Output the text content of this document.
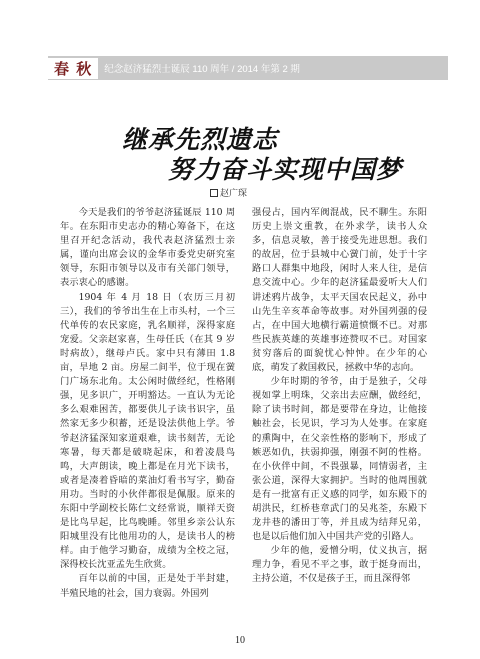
春 秋	纪念赵济猛烈士诞辰 110 周年 / 2014 年第 2 期
继承先烈遗志
努力奋斗实现中国梦
赵广琛

今天是我们的爷爷赵济猛诞辰 110 周年。在东阳市史志办的精心筹备下，在这里召开纪念活动，我代表赵济猛烈士亲属，谨向出席会议的金华市委党史研究室领导，东阳市领导以及市有关部门领导，表示衷心的感谢。

1904 年 4 月 18 日（农历三月初三），我们的爷爷出生在上市头村，一个三代单传的农民家庭，乳名顺祥，深得家庭宠爱。父亲赵家喜，生母任氏（在其 9 岁时病故），继母卢氏。家中只有薄田 1.8 亩，旱地 2 亩。房屋二间半，位于现在黉门广场东北角。太公闲时做经纪，性格刚强，见多识广，开明豁达。一直认为无论多么艰难困苦，都要供儿子读书识字，虽然家无多少积蓄，还是设法供他上学。爷爷赵济猛深知家道艰难，读书刻苦，无论寒暑，每天都是破晓起床，和着凌晨鸟鸣，大声朗读，晚上都是在月光下读书，或者是凑着昏暗的菜油灯看书写字，勤奋用功。当时的小伙伴都很是佩服。原来的东阳中学副校长陈仁文经常说，顺祥天资是比鸟早起，比鸟晚睡。邻里乡亲公认东阳城里没有比他用功的人，是读书人的榜样。由于他学习勤奋，成绩为全校之冠，深得校长沈亚孟先生欣赏。

百年以前的中国，正是处于半封建，半殖民地的社会，国力衰弱。外国列

强侵占，国内军阀混战，民不聊生。东阳历史上崇文重教，在外求学，读书人众多，信息灵敏，善于接受先进思想。我们的故居，位于县城中心黉门前，处于十字路口人群集中地段，闲时人来人往，是信息交流中心。少年的赵济猛最爱听大人们讲述鸦片战争，太平天国农民起义，孙中山先生辛亥革命等故事。对外国列强的侵占，在中国大地横行霸道愤慨不已。对那些民族英雄的英雄事迹赞叹不已。对国家贫穷落后的面貌忧心忡忡。在少年的心底，萌发了救国救民，拯救中华的志向。

少年时期的爷爷，由于是独子，父母视如掌上明珠，父亲出去应酬，做经纪，除了读书时间，都是要带在身边，让他接触社会，长见识，学习为人处事。在家庭的熏陶中，在父亲性格的影响下，形成了嫉恶如仇，扶弱抑强，刚强不阿的性格。在小伙伴中间，不畏强暴，同情弱者，主张公道，深得大家拥护。当时的他周围就是有一批富有正义感的同学，如东殿下的胡洪民，红桥巷章武门的吴兆荃，东殿下龙井巷的潘田丁等，并且成为结拜兄弟，也是以后他们加入中国共产党的引路人。

少年的他，爱憎分明，仗义执言，据理力争，看见不平之事，敢于挺身而出，主持公道，不仅是孩子王，而且深得邻

10
